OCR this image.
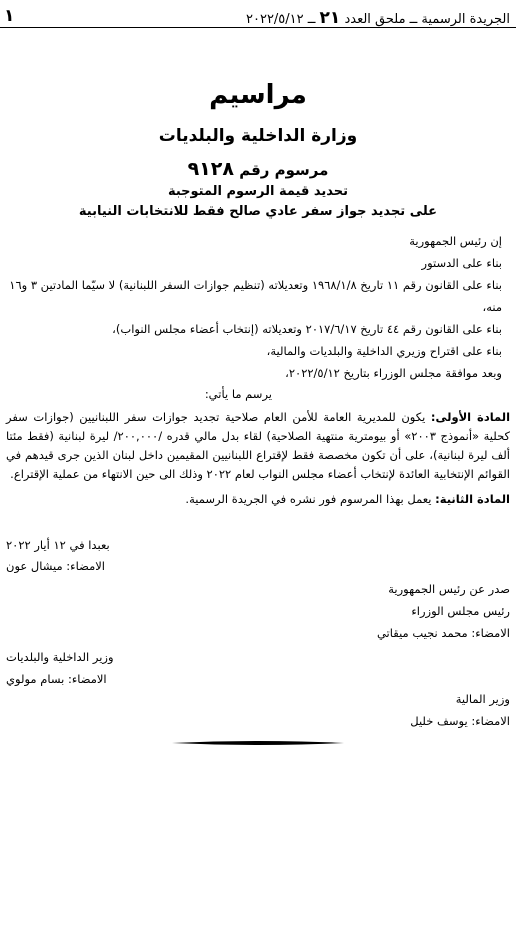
١	الجريدة الرسمية ــ ملحق العدد ٢١ ــ ٢٠٢٢/٥/١٢
مراسيم
وزارة الداخلية والبلديات
مرسوم رقم ٩١٢٨
تحديد قيمة الرسوم المتوجبة
على تجديد جواز سفر عادي صالح فقط للانتخابات النيابية
إن رئيس الجمهورية
بناء على الدستور
بناء على القانون رقم ١١ تاريخ ١٩٦٨/١/٨ وتعديلاته (تنظيم جوازات السفر اللبنانية) لا سيّما المادتين ٣ و١٦ منه،
بناء على القانون رقم ٤٤ تاريخ ٢٠١٧/٦/١٧ وتعديلاته (إنتخاب أعضاء مجلس النواب)،
بناء على اقتراح وزيري الداخلية والبلديات والمالية،
وبعد موافقة مجلس الوزراء بتاريخ ٢٠٢٢/٥/١٢،
يرسم ما يأتي:
المادة الأولى: يكون للمديرية العامة للأمن العام صلاحية تجديد جوازات سفر اللبنانيين (جوازات سفر كحلية «أنموذج ٢٠٠٣» أو بيومترية منتهية الصلاحية) لقاء بدل مالي قدره /٢٠٠,٠٠٠/ ليرة لبنانية (فقط مئتا ألف ليرة لبنانية)، على أن تكون مخصصة فقط لإقتراع اللبنانيين المقيمين داخل لبنان الذين جرى قيدهم في القوائم الإنتخابية العائدة لإنتخاب أعضاء مجلس النواب لعام ٢٠٢٢ وذلك الى حين الانتهاء من عملية الإقتراع.
المادة الثانية: يعمل بهذا المرسوم فور نشره في الجريدة الرسمية.
بعبدا في ١٢ أيار ٢٠٢٢
الامضاء: ميشال عون
صدر عن رئيس الجمهورية
رئيس مجلس الوزراء
الامضاء: محمد نجيب ميقاتي
وزير الداخلية والبلديات
الامضاء: بسام مولوي
وزير المالية
الامضاء: يوسف خليل
